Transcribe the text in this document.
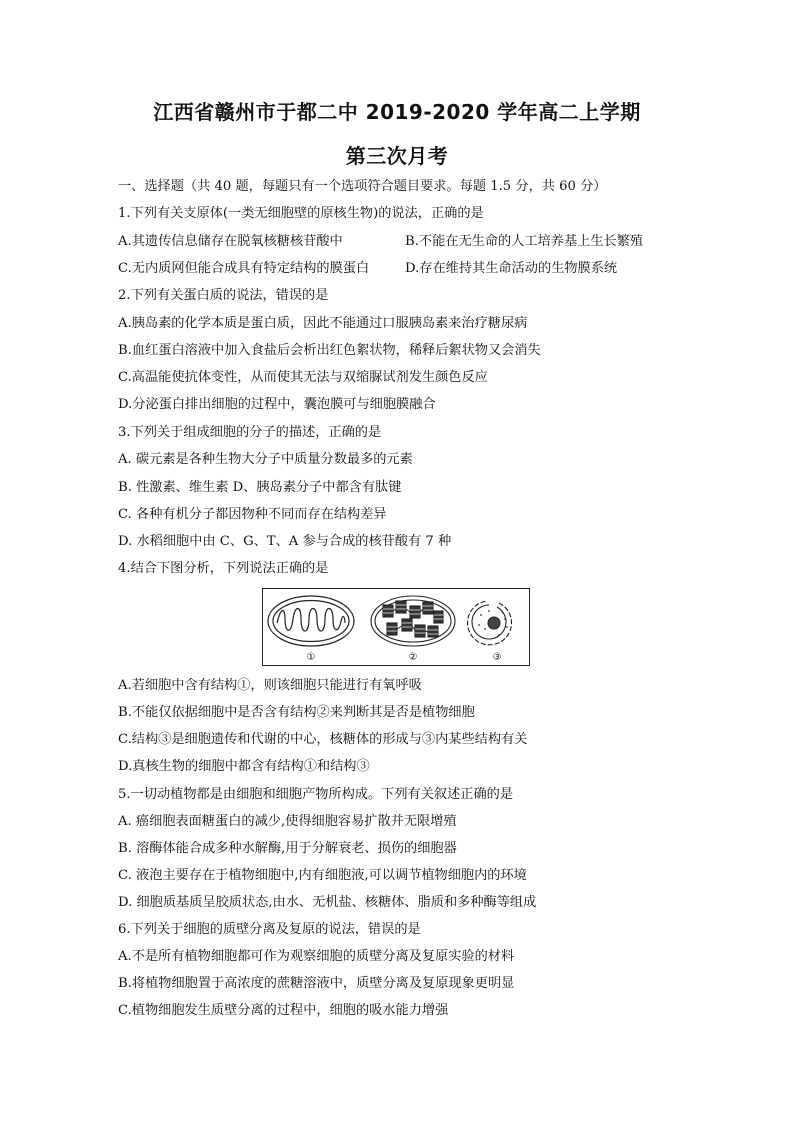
江西省赣州市于都二中 2019-2020 学年高二上学期
第三次月考
一、选择题（共 40 题，每题只有一个选项符合题目要求。每题 1.5 分，共 60 分）
1.下列有关支原体(一类无细胞壁的原核生物)的说法，正确的是
A.其遗传信息储存在脱氧核糖核苷酸中	B.不能在无生命的人工培养基上生长繁殖
C.无内质网但能合成具有特定结构的膜蛋白	D.存在维持其生命活动的生物膜系统
2.下列有关蛋白质的说法，错误的是
A.胰岛素的化学本质是蛋白质，因此不能通过口服胰岛素来治疗糖尿病
B.血红蛋白溶液中加入食盐后会析出红色絮状物，稀释后絮状物又会消失
C.高温能使抗体变性，从而使其无法与双缩脲试剂发生颜色反应
D.分泌蛋白排出细胞的过程中，囊泡膜可与细胞膜融合
3.下列关于组成细胞的分子的描述，正确的是
A. 碳元素是各种生物大分子中质量分数最多的元素
B. 性激素、维生素 D、胰岛素分子中都含有肽键
C. 各种有机分子都因物种不同而存在结构差异
D. 水稻细胞中由 C、G、T、A 参与合成的核苷酸有 7 种
4.结合下图分析，下列说法正确的是
①	②	③
A.若细胞中含有结构①，则该细胞只能进行有氧呼吸
B.不能仅依据细胞中是否含有结构②来判断其是否是植物细胞
C.结构③是细胞遗传和代谢的中心，核糖体的形成与③内某些结构有关
D.真核生物的细胞中都含有结构①和结构③
5.一切动植物都是由细胞和细胞产物所构成。下列有关叙述正确的是
A. 癌细胞表面糖蛋白的减少,使得细胞容易扩散并无限增殖
B. 溶酶体能合成多种水解酶,用于分解衰老、损伤的细胞器
C. 液泡主要存在于植物细胞中,内有细胞液,可以调节植物细胞内的环境
D. 细胞质基质呈胶质状态,由水、无机盐、核糖体、脂质和多种酶等组成
6.下列关于细胞的质壁分离及复原的说法，错误的是
A.不是所有植物细胞都可作为观察细胞的质壁分离及复原实验的材料
B.将植物细胞置于高浓度的蔗糖溶液中，质壁分离及复原现象更明显
C.植物细胞发生质壁分离的过程中，细胞的吸水能力增强
